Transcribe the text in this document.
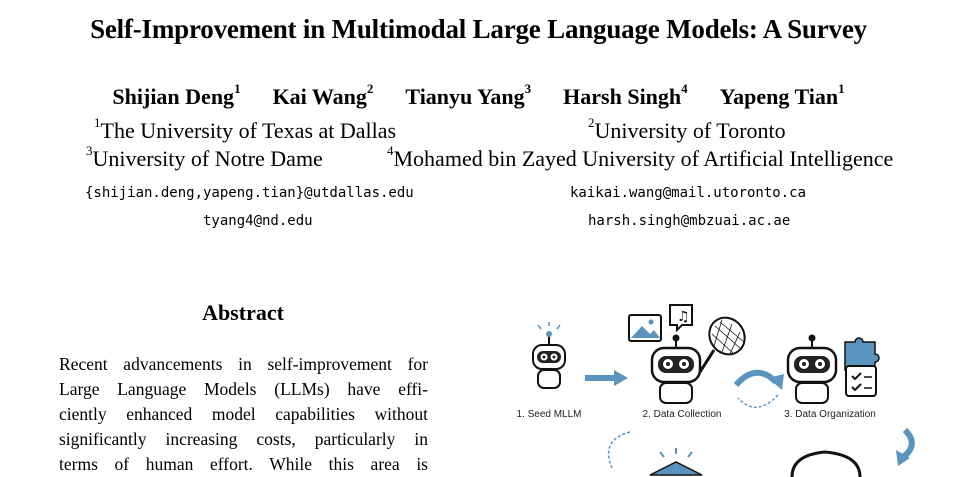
Self-Improvement in Multimodal Large Language Models: A Survey
Shijian Deng$^1$ Kai Wang$^2$ Tianyu Yang$^3$ Harsh Singh$^4$ Yapeng Tian$^1$
$^1$The University of Texas at Dallas	$^2$University of Toronto
$^3$University of Notre Dame	$^4$Mohamed bin Zayed University of Artificial Intelligence
{shijian.deng,yapeng.tian}@utdallas.edu	kaikai.wang@mail.utoronto.ca
tyang4@nd.edu	harsh.singh@mbzuai.ac.ae
Abstract
Recent advancements in self-improvement for
Large Language Models (LLMs) have effi-
ciently enhanced model capabilities without
significantly increasing costs, particularly in
terms of human effort. While this area is
1. Seed MLLM
♫
2. Data Collection	3. Data Organization
